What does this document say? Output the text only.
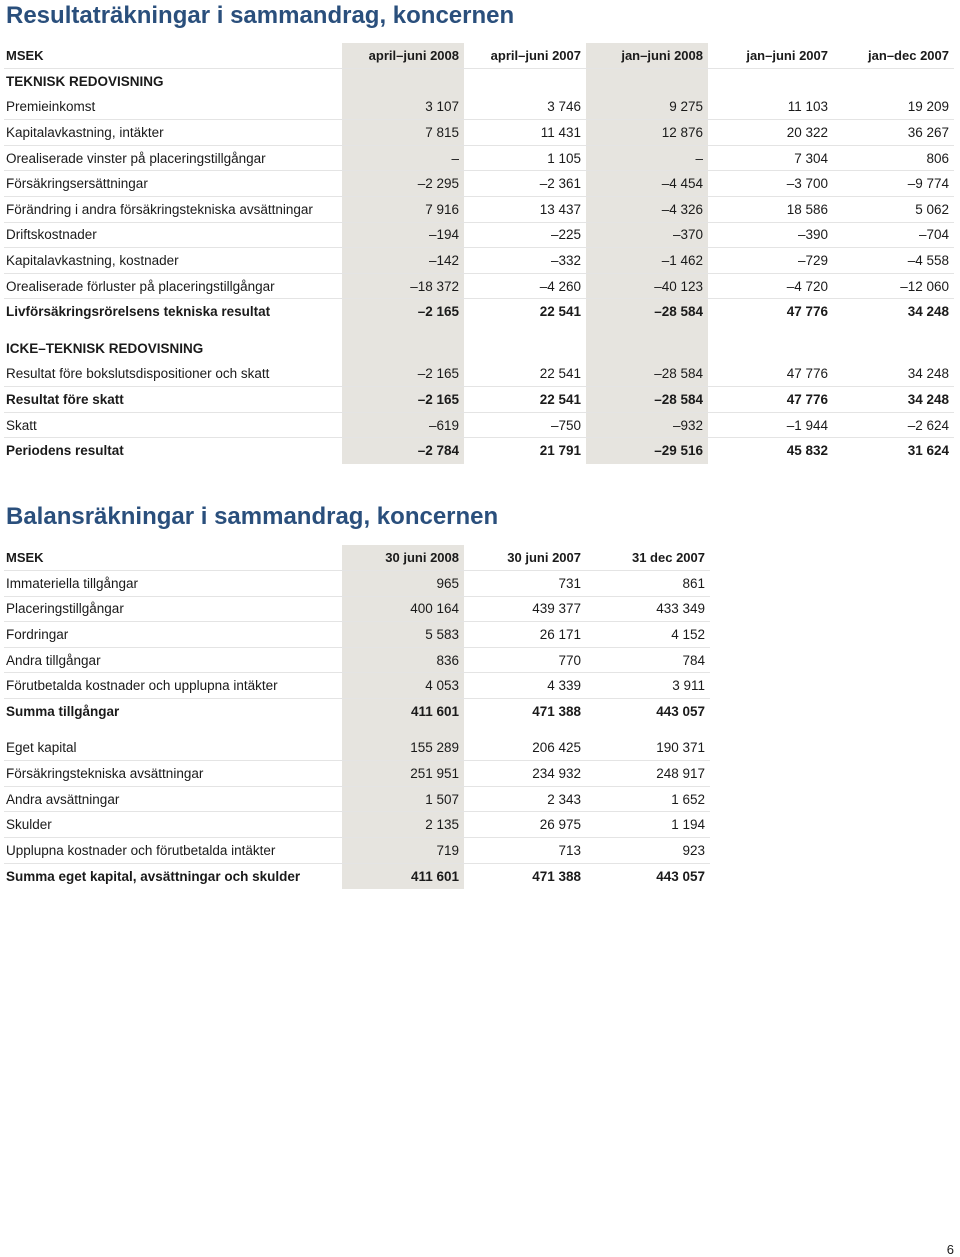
Resultaträkningar i sammandrag, koncernen
MSEK	april–juni 2008	april–juni 2007	jan–juni 2008	jan–juni 2007	jan–dec 2007
TEKNISK REDOVISNING					
Premieinkomst	3 107	3 746	9 275	11 103	19 209
Kapitalavkastning, intäkter	7 815	11 431	12 876	20 322	36 267
Orealiserade vinster på placeringstillgångar	–	1 105	–	7 304	806
Försäkringsersättningar	–2 295	–2 361	–4 454	–3 700	–9 774
Förändring i andra försäkringstekniska avsättningar	7 916	13 437	–4 326	18 586	5 062
Driftskostnader	–194	–225	–370	–390	–704
Kapitalavkastning, kostnader	–142	–332	–1 462	–729	–4 558
Orealiserade förluster på placeringstillgångar	–18 372	–4 260	–40 123	–4 720	–12 060
Livförsäkringsrörelsens tekniska resultat	–2 165	22 541	–28 584	47 776	34 248

ICKE–TEKNISK REDOVISNING					
Resultat före bokslutsdispositioner och skatt	–2 165	22 541	–28 584	47 776	34 248
Resultat före skatt	–2 165	22 541	–28 584	47 776	34 248
Skatt	–619	–750	–932	–1 944	–2 624
Periodens resultat	–2 784	21 791	–29 516	45 832	31 624
Balansräkningar i sammandrag, koncernen
MSEK	30 juni 2008	30 juni 2007	31 dec 2007
Immateriella tillgångar	965	731	861
Placeringstillgångar	400 164	439 377	433 349
Fordringar	5 583	26 171	4 152
Andra tillgångar	836	770	784
Förutbetalda kostnader och upplupna intäkter	4 053	4 339	3 911
Summa tillgångar	411 601	471 388	443 057

Eget kapital	155 289	206 425	190 371
Försäkringstekniska avsättningar	251 951	234 932	248 917
Andra avsättningar	1 507	2 343	1 652
Skulder	2 135	26 975	1 194
Upplupna kostnader och förutbetalda intäkter	719	713	923
Summa eget kapital, avsättningar och skulder	411 601	471 388	443 057
6
